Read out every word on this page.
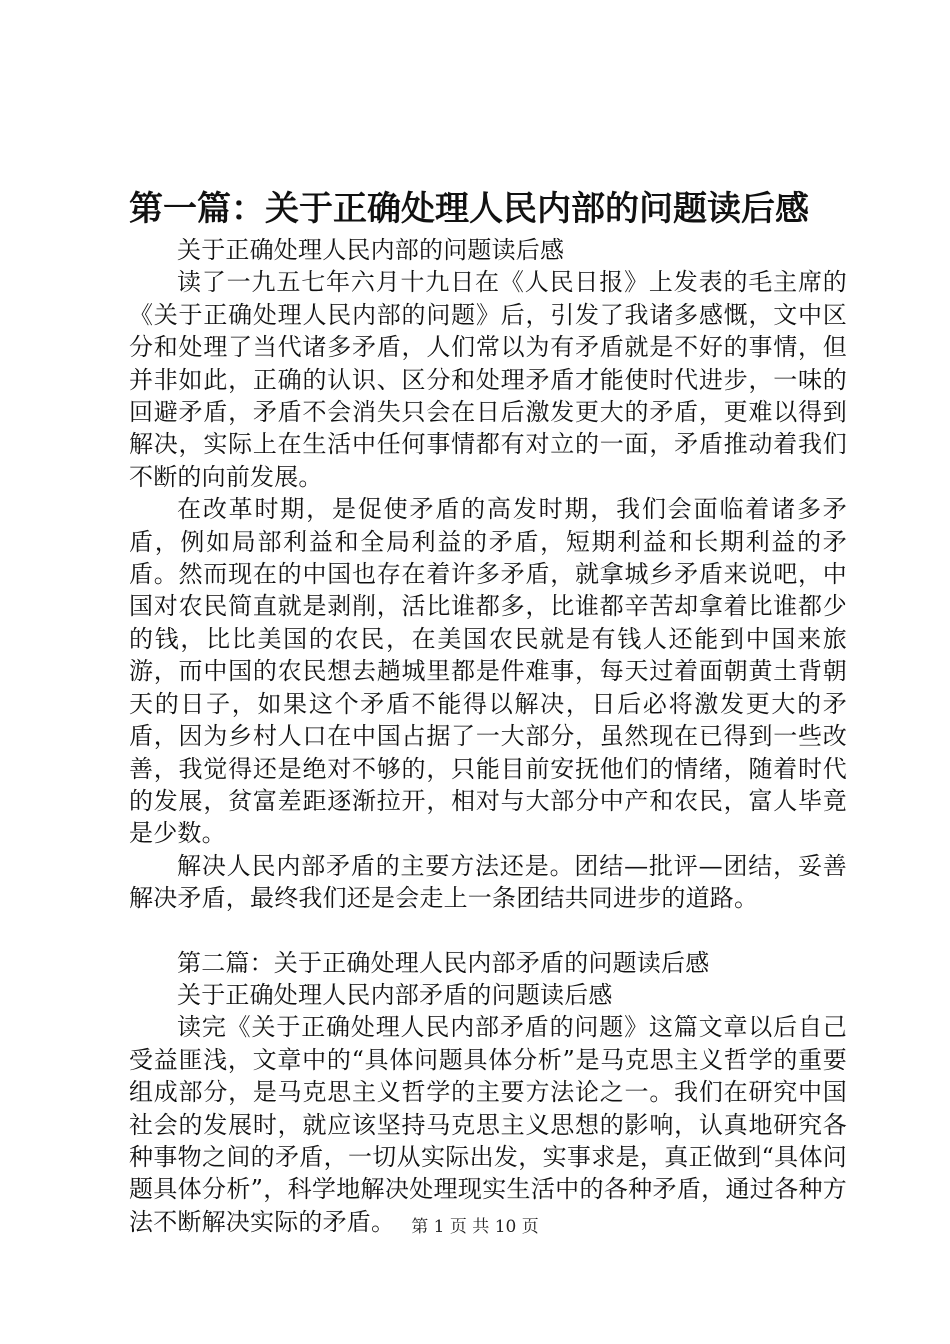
第一篇：关于正确处理人民内部的问题读后感

关于正确处理人民内部的问题读后感

读了一九五七年六月十九日在《人民日报》上发表的毛主席的《关于正确处理人民内部的问题》后，引发了我诸多感慨，文中区分和处理了当代诸多矛盾，人们常以为有矛盾就是不好的事情，但并非如此，正确的认识、区分和处理矛盾才能使时代进步，一味的回避矛盾，矛盾不会消失只会在日后激发更大的矛盾，更难以得到解决，实际上在生活中任何事情都有对立的一面，矛盾推动着我们不断的向前发展。

在改革时期，是促使矛盾的高发时期，我们会面临着诸多矛盾，例如局部利益和全局利益的矛盾，短期利益和长期利益的矛盾。然而现在的中国也存在着许多矛盾，就拿城乡矛盾来说吧，中国对农民简直就是剥削，活比谁都多，比谁都辛苦却拿着比谁都少的钱，比比美国的农民，在美国农民就是有钱人还能到中国来旅游，而中国的农民想去趟城里都是件难事，每天过着面朝黄土背朝天的日子，如果这个矛盾不能得以解决，日后必将激发更大的矛盾，因为乡村人口在中国占据了一大部分，虽然现在已得到一些改善，我觉得还是绝对不够的，只能目前安抚他们的情绪，随着时代的发展，贫富差距逐渐拉开，相对与大部分中产和农民，富人毕竟是少数。

解决人民内部矛盾的主要方法还是。团结—批评—团结，妥善解决矛盾，最终我们还是会走上一条团结共同进步的道路。

第二篇：关于正确处理人民内部矛盾的问题读后感

关于正确处理人民内部矛盾的问题读后感

读完《关于正确处理人民内部矛盾的问题》这篇文章以后自己受益匪浅，文章中的“具体问题具体分析”是马克思主义哲学的重要组成部分，是马克思主义哲学的主要方法论之一。我们在研究中国社会的发展时，就应该坚持马克思主义思想的影响，认真地研究各种事物之间的矛盾，一切从实际出发，实事求是，真正做到“具体问题具体分析”，科学地解决处理现实生活中的各种矛盾，通过各种方法不断解决实际的矛盾。 第 1 页 共 10 页
